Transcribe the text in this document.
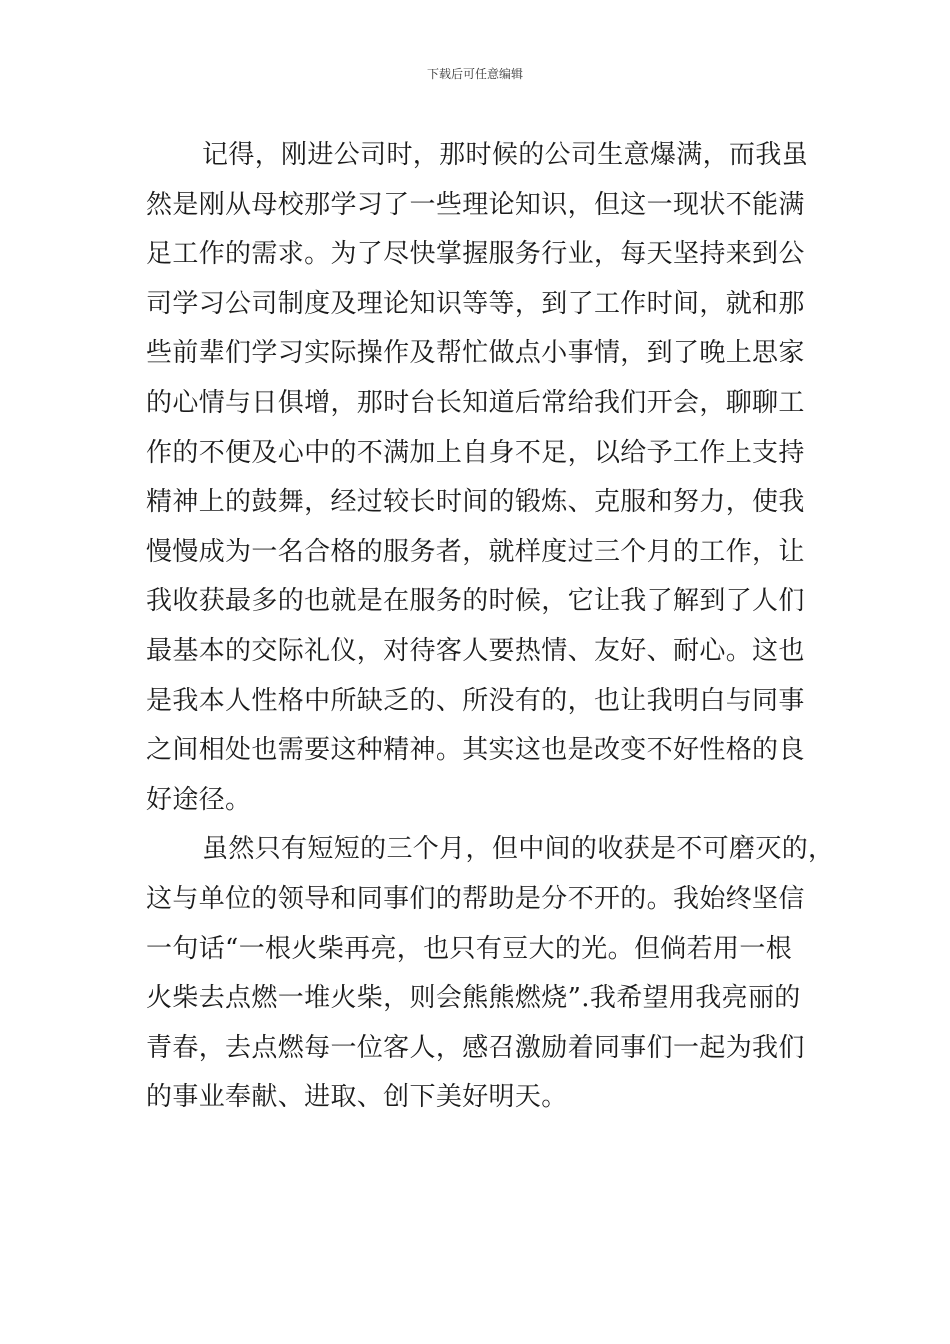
下载后可任意编辑
记得，刚进公司时，那时候的公司生意爆满，而我虽
然是刚从母校那学习了一些理论知识，但这一现状不能满
足工作的需求。为了尽快掌握服务行业，每天坚持来到公
司学习公司制度及理论知识等等，到了工作时间，就和那
些前辈们学习实际操作及帮忙做点小事情，到了晚上思家
的心情与日俱增，那时台长知道后常给我们开会，聊聊工
作的不便及心中的不满加上自身不足，以给予工作上支持
精神上的鼓舞，经过较长时间的锻炼、克服和努力，使我
慢慢成为一名合格的服务者，就样度过三个月的工作，让
我收获最多的也就是在服务的时候，它让我了解到了人们
最基本的交际礼仪，对待客人要热情、友好、耐心。这也
是我本人性格中所缺乏的、所没有的，也让我明白与同事
之间相处也需要这种精神。其实这也是改变不好性格的良
好途径。
虽然只有短短的三个月，但中间的收获是不可磨灭的，
这与单位的领导和同事们的帮助是分不开的。我始终坚信
一句话“一根火柴再亮，也只有豆大的光。但倘若用一根
火柴去点燃一堆火柴，则会熊熊燃烧”.我希望用我亮丽的
青春，去点燃每一位客人，感召激励着同事们一起为我们
的事业奉献、进取、创下美好明天。
